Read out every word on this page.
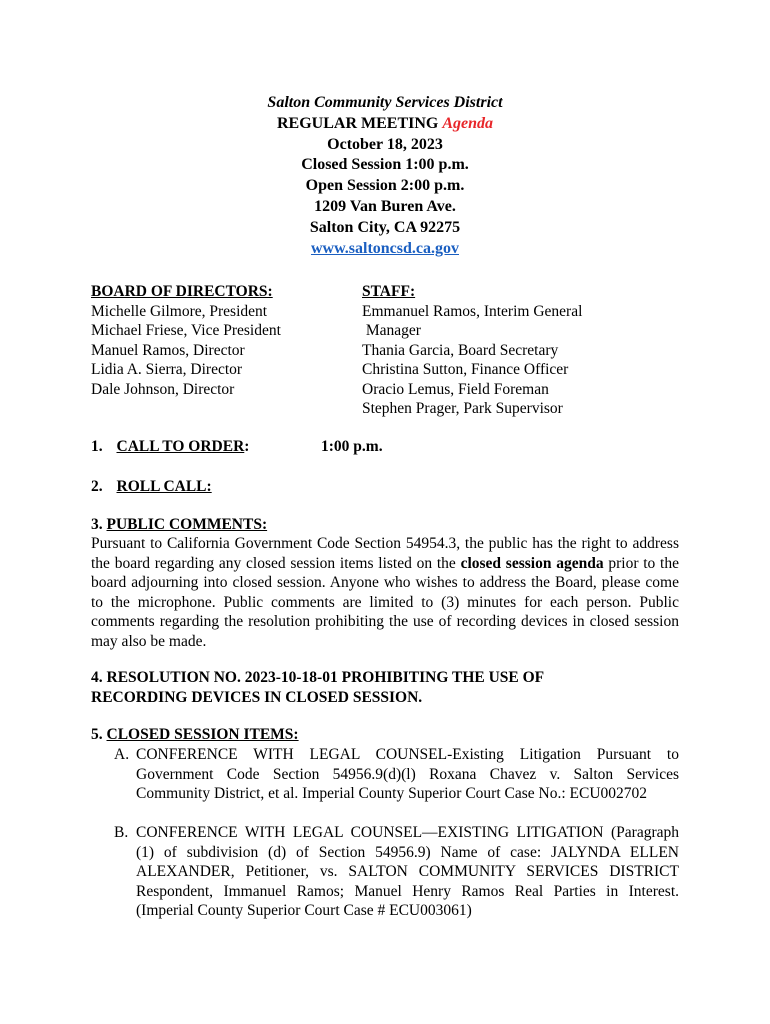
Salton Community Services District
REGULAR MEETING Agenda
October 18, 2023
Closed Session 1:00 p.m.
Open Session 2:00 p.m.
1209 Van Buren Ave.
Salton City, CA 92275
www.saltoncsd.ca.gov
BOARD OF DIRECTORS:
Michelle Gilmore, President
Michael Friese, Vice President
Manuel Ramos, Director
Lidia A. Sierra, Director
Dale Johnson, Director
STAFF:
Emmanuel Ramos, Interim General
Manager
Thania Garcia, Board Secretary
Christina Sutton, Finance Officer
Oracio Lemus, Field Foreman
Stephen Prager, Park Supervisor
1. CALL TO ORDER:	1:00 p.m.
2. ROLL CALL:
3. PUBLIC COMMENTS:
Pursuant to California Government Code Section 54954.3, the public has the right to address the board regarding any closed session items listed on the closed session agenda prior to the board adjourning into closed session. Anyone who wishes to address the Board, please come to the microphone. Public comments are limited to (3) minutes for each person. Public comments regarding the resolution prohibiting the use of recording devices in closed session may also be made.
4. RESOLUTION NO. 2023-10-18-01 PROHIBITING THE USE OF
RECORDING DEVICES IN CLOSED SESSION.
5. CLOSED SESSION ITEMS:
A. CONFERENCE WITH LEGAL COUNSEL-Existing Litigation Pursuant to Government Code Section 54956.9(d)(l) Roxana Chavez v. Salton Services Community District, et al. Imperial County Superior Court Case No.: ECU002702
B. CONFERENCE WITH LEGAL COUNSEL—EXISTING LITIGATION (Paragraph (1) of subdivision (d) of Section 54956.9) Name of case: JALYNDA ELLEN ALEXANDER, Petitioner, vs. SALTON COMMUNITY SERVICES DISTRICT Respondent, Immanuel Ramos; Manuel Henry Ramos Real Parties in Interest. (Imperial County Superior Court Case # ECU003061)
